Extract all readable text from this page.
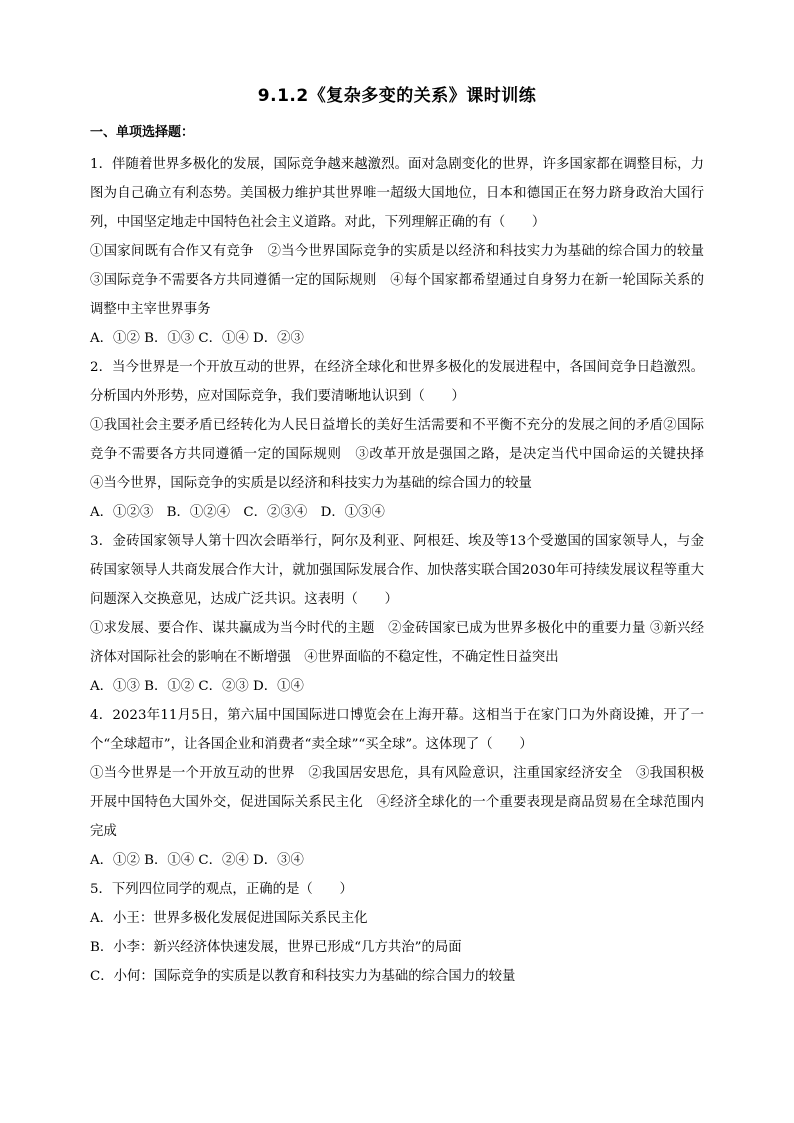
9.1.2《复杂多变的关系》课时训练
一、单项选择题：

1．伴随着世界多极化的发展，国际竞争越来越激烈。面对急剧变化的世界，许多国家都在调整目标，力图为自己确立有利态势。美国极力维护其世界唯一超级大国地位，日本和德国正在努力跻身政治大国行列，中国坚定地走中国特色社会主义道路。对此，下列理解正确的有（　　）

①国家间既有合作又有竞争　②当今世界国际竞争的实质是以经济和科技实力为基础的综合国力的较量　③国际竞争不需要各方共同遵循一定的国际规则　④每个国家都希望通过自身努力在新一轮国际关系的调整中主宰世界事务

A．①② B．①③ C．①④ D．②③

2．当今世界是一个开放互动的世界，在经济全球化和世界多极化的发展进程中，各国间竞争日趋激烈。分析国内外形势，应对国际竞争，我们要清晰地认识到（　　）

①我国社会主要矛盾已经转化为人民日益增长的美好生活需要和不平衡不充分的发展之间的矛盾②国际竞争不需要各方共同遵循一定的国际规则　③改革开放是强国之路，是决定当代中国命运的关键抉择　④当今世界，国际竞争的实质是以经济和科技实力为基础的综合国力的较量

A．①②③　B．①②④　C．②③④　D．①③④

3．金砖国家领导人第十四次会晤举行，阿尔及利亚、阿根廷、埃及等13个受邀国的国家领导人，与金砖国家领导人共商发展合作大计，就加强国际发展合作、加快落实联合国2030年可持续发展议程等重大问题深入交换意见，达成广泛共识。这表明（　　）

①求发展、要合作、谋共赢成为当今时代的主题　②金砖国家已成为世界多极化中的重要力量 ③新兴经济体对国际社会的影响在不断增强　④世界面临的不稳定性，不确定性日益突出

A．①③ B．①② C．②③ D．①④

4．2023年11月5日，第六届中国国际进口博览会在上海开幕。这相当于在家门口为外商设摊，开了一个“全球超市”，让各国企业和消费者“卖全球”“买全球”。这体现了（　　）

①当今世界是一个开放互动的世界　②我国居安思危，具有风险意识，注重国家经济安全　③我国积极开展中国特色大国外交，促进国际关系民主化　④经济全球化的一个重要表现是商品贸易在全球范围内完成

A．①② B．①④ C．②④ D．③④

5．下列四位同学的观点，正确的是（　　）

A．小王：世界多极化发展促进国际关系民主化

B．小李：新兴经济体快速发展，世界已形成“几方共治”的局面

C．小何：国际竞争的实质是以教育和科技实力为基础的综合国力的较量
